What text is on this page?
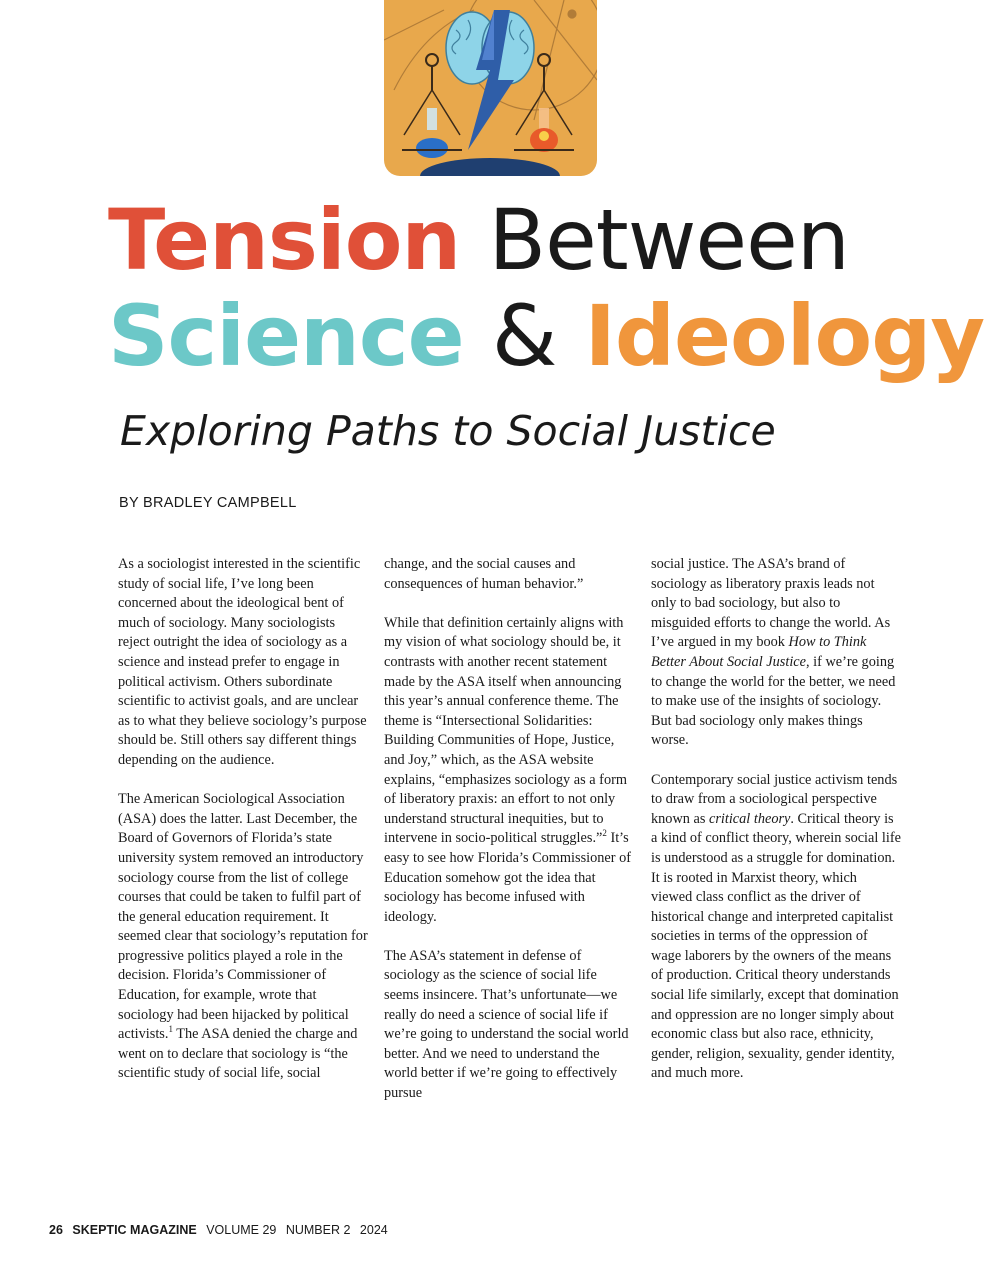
Tension Between
Science & Ideology
Exploring Paths to Social Justice
BY BRADLEY CAMPBELL

As a sociologist interested in the scientific study of social life, I’ve long been concerned about the ideological bent of much of sociology. Many sociologists reject outright the idea of sociology as a science and instead prefer to engage in political activism. Others subordinate scientific to activist goals, and are unclear as to what they believe sociology’s purpose should be. Still others say different things depending on the audience.

The American Sociological Association (ASA) does the latter. Last December, the Board of Governors of Florida’s state university system removed an introductory sociology course from the list of college courses that could be taken to fulfil part of the general education requirement. It seemed clear that sociology’s reputation for progressive politics played a role in the decision. Florida’s Commissioner of Education, for example, wrote that sociology had been hijacked by political activists.$^1$ The ASA denied the charge and went on to declare that sociology is “the scientific study of social life, social

change, and the social causes and consequences of human behavior.”

While that definition certainly aligns with my vision of what sociology should be, it contrasts with another recent statement made by the ASA itself when announcing this year’s annual conference theme. The theme is “Intersectional Solidarities: Building Communities of Hope, Justice, and Joy,” which, as the ASA website explains, “emphasizes sociology as a form of liberatory praxis: an effort to not only understand structural inequities, but to intervene in socio-political struggles.”$^2$ It’s easy to see how Florida’s Commissioner of Education somehow got the idea that sociology has become infused with ideology.

The ASA’s statement in defense of sociology as the science of social life seems insincere. That’s unfortunate—we really do need a science of social life if we’re going to understand the social world better. And we need to understand the world better if we’re going to effectively pursue

social justice. The ASA’s brand of sociology as liberatory praxis leads not only to bad sociology, but also to misguided efforts to change the world. As I’ve argued in my book How to Think Better About Social Justice, if we’re going to change the world for the better, we need to make use of the insights of sociology. But bad sociology only makes things worse.

Contemporary social justice activism tends to draw from a sociological perspective known as critical theory. Critical theory is a kind of conflict theory, wherein social life is understood as a struggle for domination. It is rooted in Marxist theory, which viewed class conflict as the driver of historical change and interpreted capitalist societies in terms of the oppression of wage laborers by the owners of the means of production. Critical theory understands social life similarly, except that domination and oppression are no longer simply about economic class but also race, ethnicity, gender, religion, sexuality, gender identity, and much more.

26 SKEPTIC MAGAZINE VOLUME 29 NUMBER 2 2024
